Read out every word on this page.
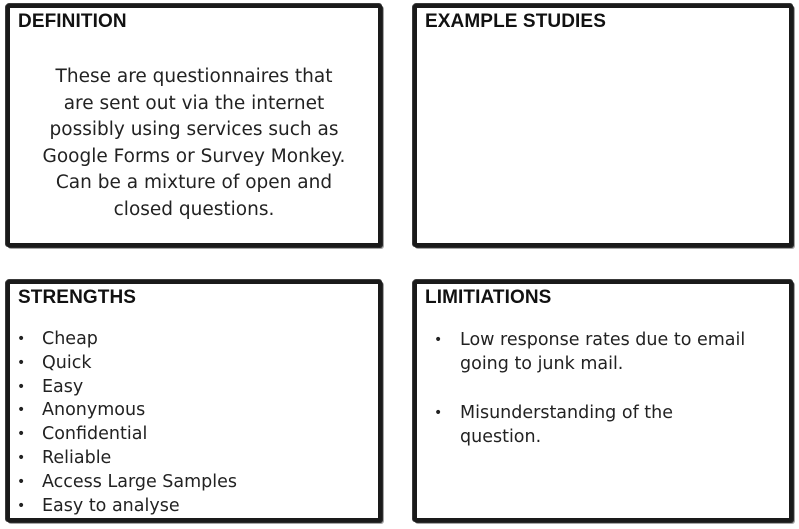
DEFINITION
These are questionnaires that
are sent out via the internet
possibly using services such as
Google Forms or Survey Monkey.
Can be a mixture of open and
closed questions.
EXAMPLE STUDIES
STRENGTHS
• Cheap
• Quick
• Easy
• Anonymous
• Confidential
• Reliable
• Access Large Samples
• Easy to analyse
LIMITIATIONS
• Low response rates due to email
going to junk mail.
• Misunderstanding of the
question.
